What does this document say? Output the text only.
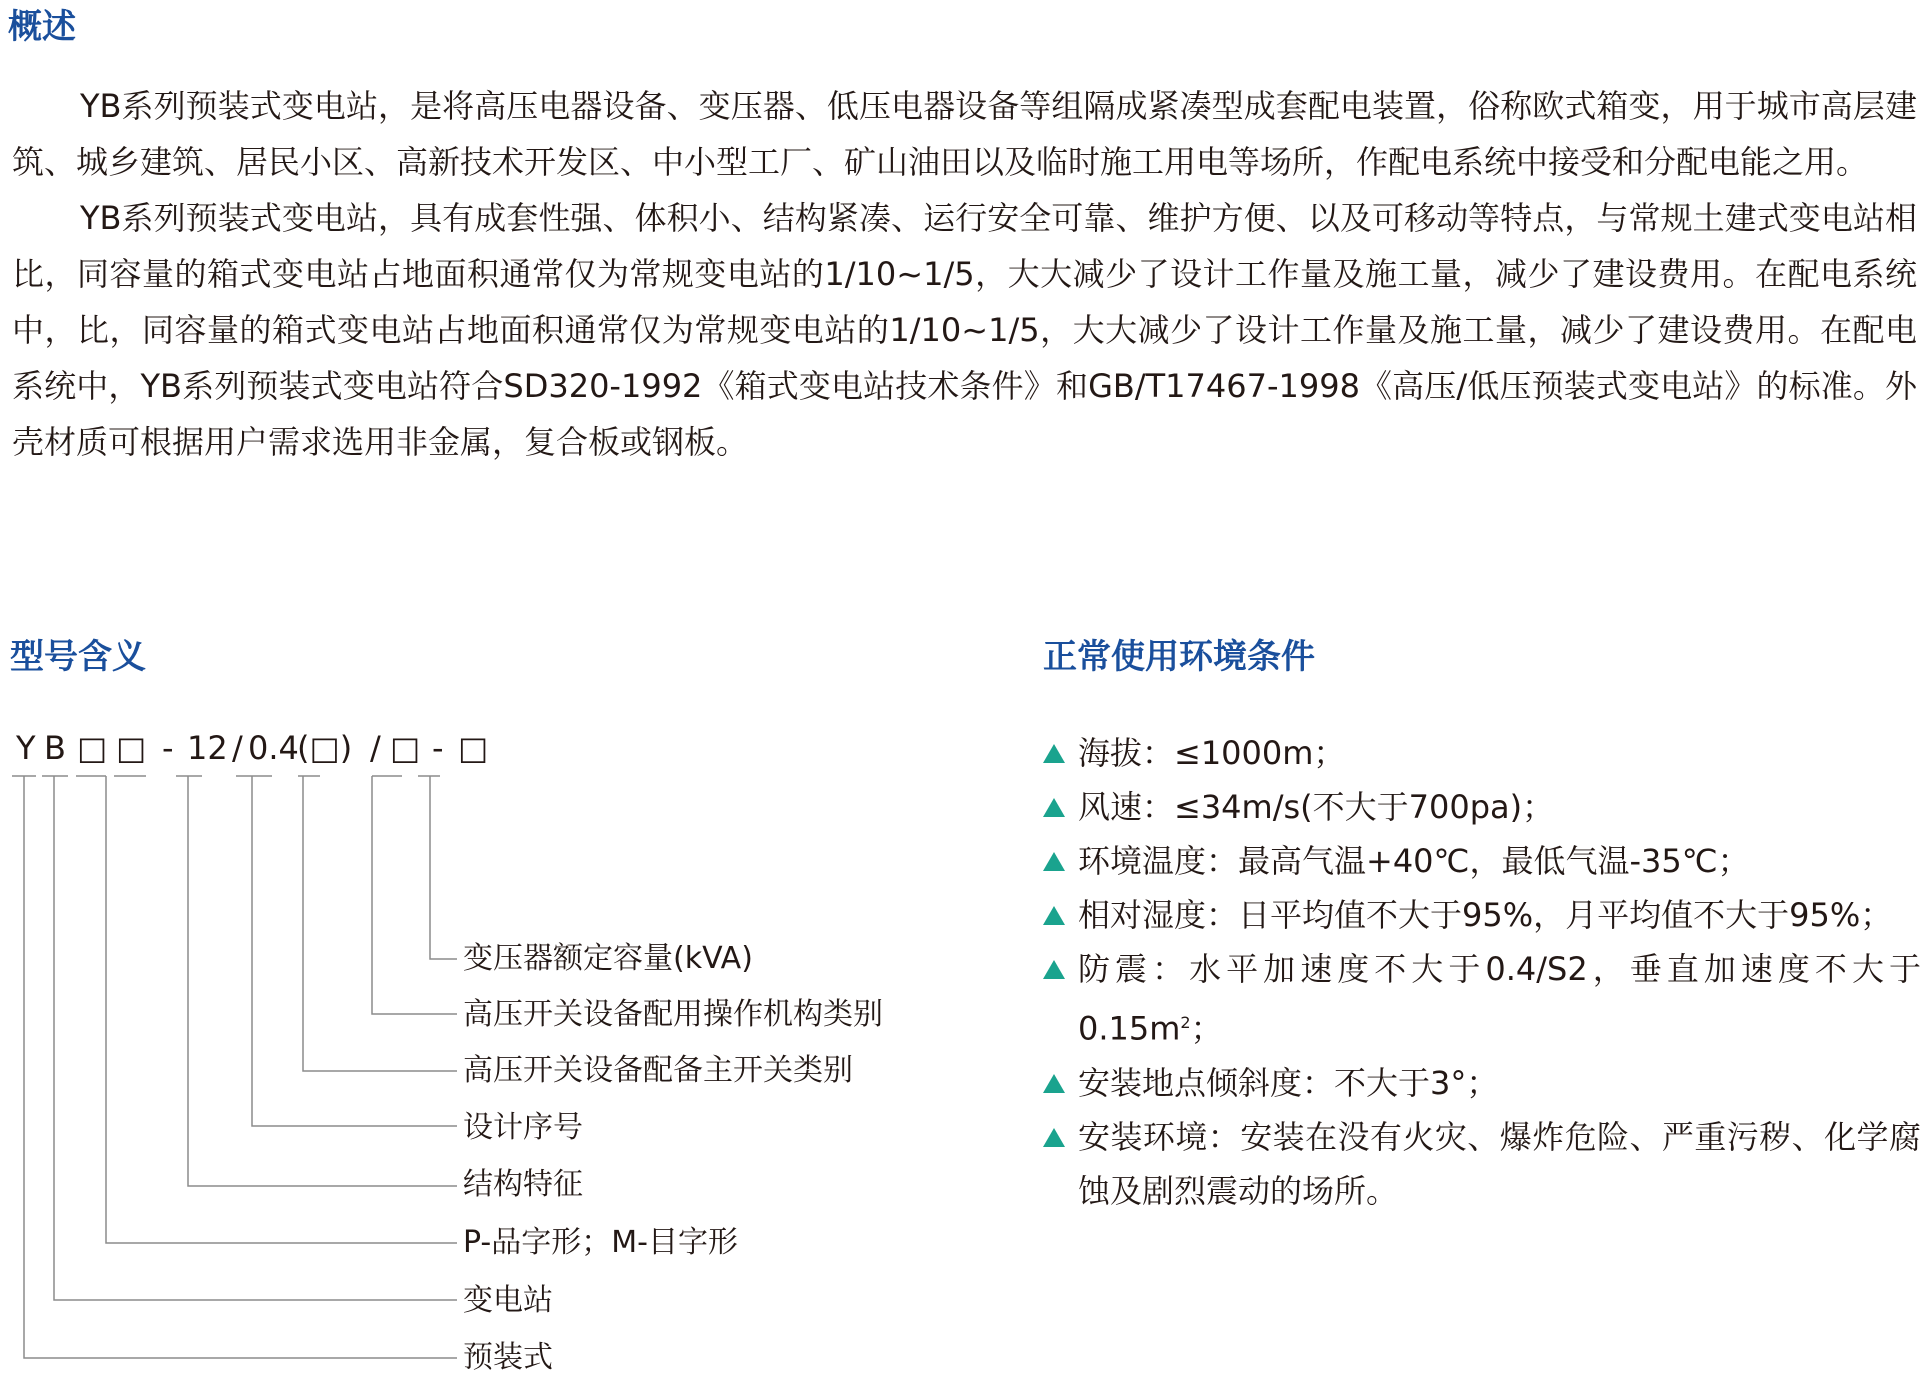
概述

YB系列预装式变电站，是将高压电器设备、变压器、低压电器设备等组隔成紧凑型成套配电装置，俗称欧式箱变，用于城市高层建筑、城乡建筑、居民小区、高新技术开发区、中小型工厂、矿山油田以及临时施工用电等场所，作配电系统中接受和分配电能之用。

YB系列预装式变电站，具有成套性强、体积小、结构紧凑、运行安全可靠、维护方便、以及可移动等特点，与常规土建式变电站相比，同容量的箱式变电站占地面积通常仅为常规变电站的1/10~1/5，大大减少了设计工作量及施工量，减少了建设费用。在配电系统中，比，同容量的箱式变电站占地面积通常仅为常规变电站的1/10~1/5，大大减少了设计工作量及施工量，减少了建设费用。在配电系统中，YB系列预装式变电站符合SD320-1992《箱式变电站技术条件》和GB/T17467-1998《高压/低压预装式变电站》的标准。外壳材质可根据用户需求选用非金属，复合板或钢板。

型号含义
Y B □ □ - 12 / 0.4
(□) / □ - □
变压器额定容量(kVA)
高压开关设备配用操作机构类别
高压开关设备配备主开关类别
设计序号
结构特征
P-品字形；M-目字形
变电站
预装式
正常使用环境条件
海拔：≤1000m；
风速：≤34m/s(不大于700pa)；
环境温度：最高气温+40℃，最低气温-35℃；
相对湿度：日平均值不大于95%，月平均值不大于95%；
防震：水平加速度不大于0.4/S2，垂直加速度不大于$0.15m^2$；
安装地点倾斜度：不大于3°；
安装环境：安装在没有火灾、爆炸危险、严重污秽、化学腐蚀及剧烈震动的场所。
